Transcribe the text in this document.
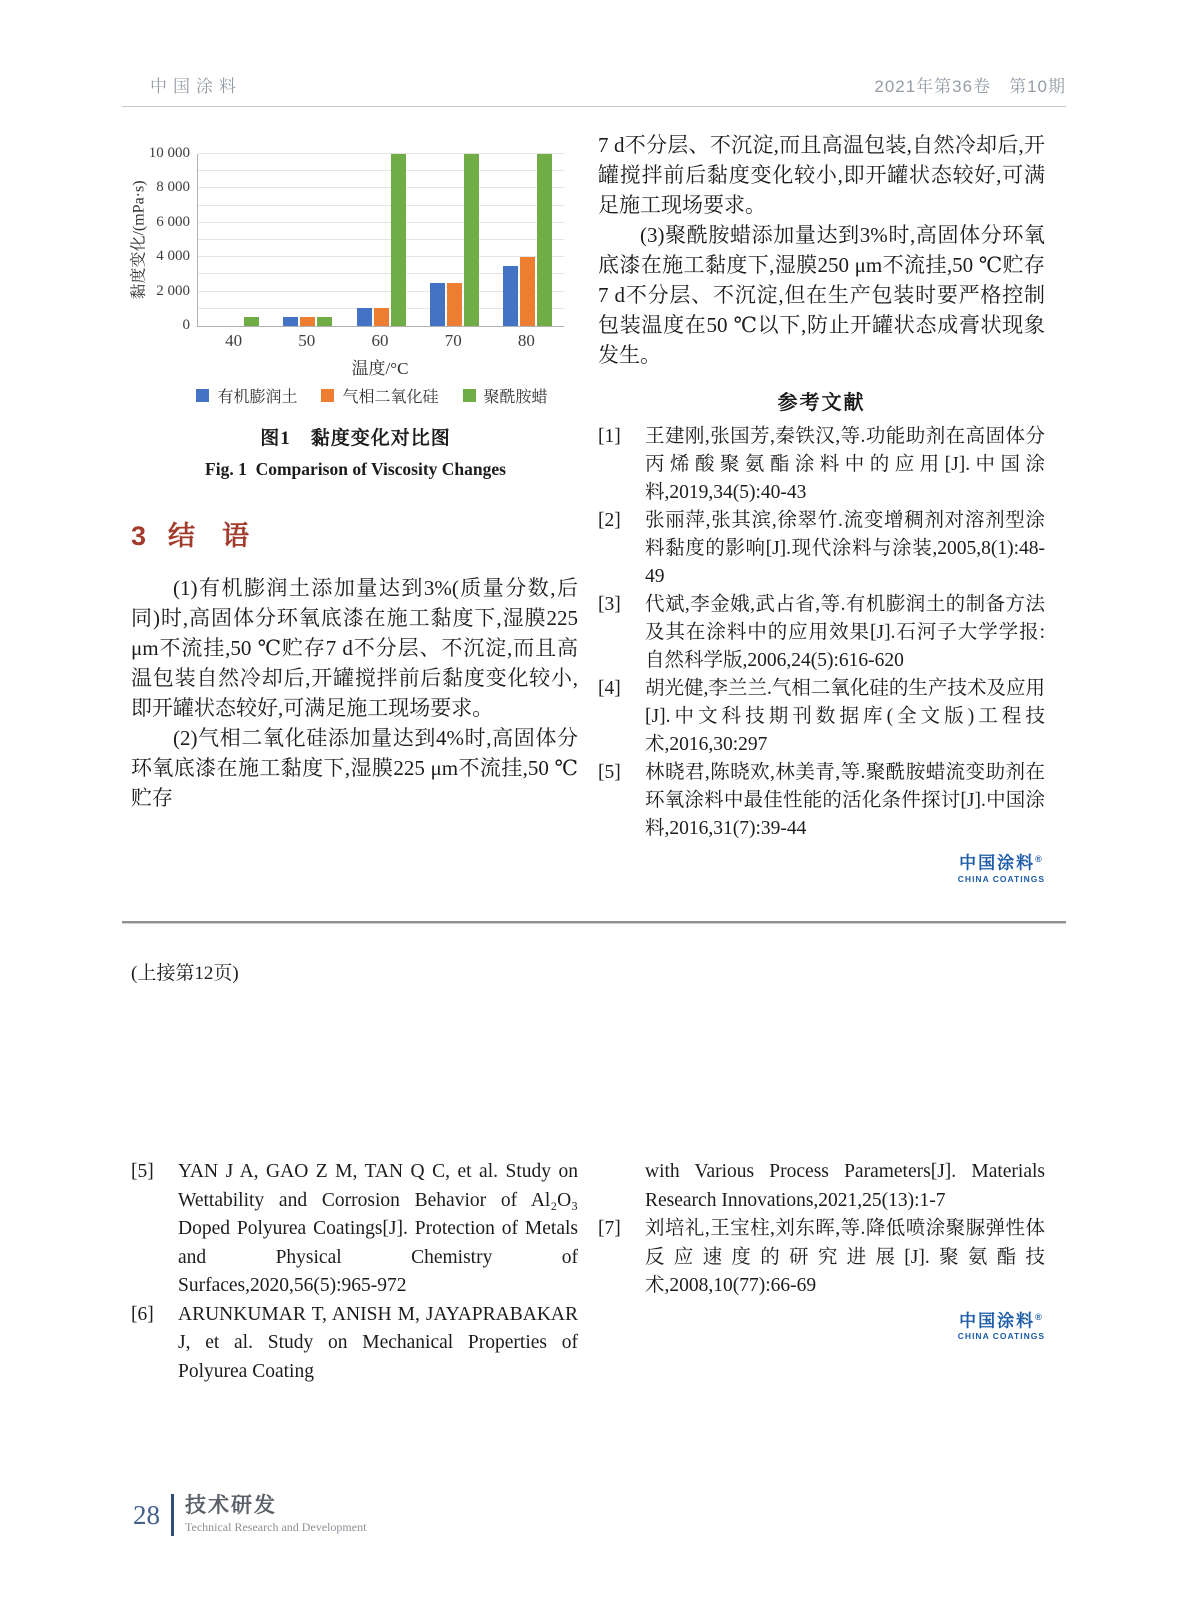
中国涂料	2021年第36卷　第10期
黏度变化/(mPa·s)
0
2 000
4 000
6 000
8 000
10 000
40	50	60	70	80
温度/°C
有机膨润土	气相二氧化硅	聚酰胺蜡
图1　黏度变化对比图
Fig. 1 Comparison of Viscosity Changes
3 结　语

(1)有机膨润土添加量达到3%(质量分数,后同)时,高固体分环氧底漆在施工黏度下,湿膜225 μm不流挂,50 ℃贮存7 d不分层、不沉淀,而且高温包装自然冷却后,开罐搅拌前后黏度变化较小,即开罐状态较好,可满足施工现场要求。

(2)气相二氧化硅添加量达到4%时,高固体分环氧底漆在施工黏度下,湿膜225 μm不流挂,50 ℃贮存

7 d不分层、不沉淀,而且高温包装,自然冷却后,开罐搅拌前后黏度变化较小,即开罐状态较好,可满足施工现场要求。

(3)聚酰胺蜡添加量达到3%时,高固体分环氧底漆在施工黏度下,湿膜250 μm不流挂,50 ℃贮存7 d不分层、不沉淀,但在生产包装时要严格控制包装温度在50 ℃以下,防止开罐状态成膏状现象发生。

参考文献
[1]	王建刚,张国芳,秦铁汉,等.功能助剂在高固体分丙烯酸聚氨酯涂料中的应用[J].中国涂料,2019,34(5):40-43
[2]	张丽萍,张其滨,徐翠竹.流变增稠剂对溶剂型涂料黏度的影响[J].现代涂料与涂装,2005,8(1):48-49
[3]	代斌,李金娥,武占省,等.有机膨润土的制备方法及其在涂料中的应用效果[J].石河子大学学报:自然科学版,2006,24(5):616-620
[4]	胡光健,李兰兰.气相二氧化硅的生产技术及应用[J].中文科技期刊数据库(全文版)工程技术,2016,30:297
[5]	林晓君,陈晓欢,林美青,等.聚酰胺蜡流变助剂在环氧涂料中最佳性能的活化条件探讨[J].中国涂料,2016,31(7):39-44
中国涂料®
CHINA COATINGS
(上接第12页)
[5]	YAN J A, GAO Z M, TAN Q C, et al. Study on Wettability and Corrosion Behavior of Al₂O₃ Doped Polyurea Coatings[J]. Protection of Metals and Physical Chemistry of Surfaces,2020,56(5):965-972
[6]	ARUNKUMAR T, ANISH M, JAYAPRABAKAR J, et al. Study on Mechanical Properties of Polyurea Coating
with Various Process Parameters[J]. Materials Research Innovations,2021,25(13):1-7
[7]	刘培礼,王宝柱,刘东晖,等.降低喷涂聚脲弹性体反应速度的研究进展[J].聚氨酯技术,2008,10(77):66-69
中国涂料®
CHINA COATINGS
28 技术研发
Technical Research and Development
